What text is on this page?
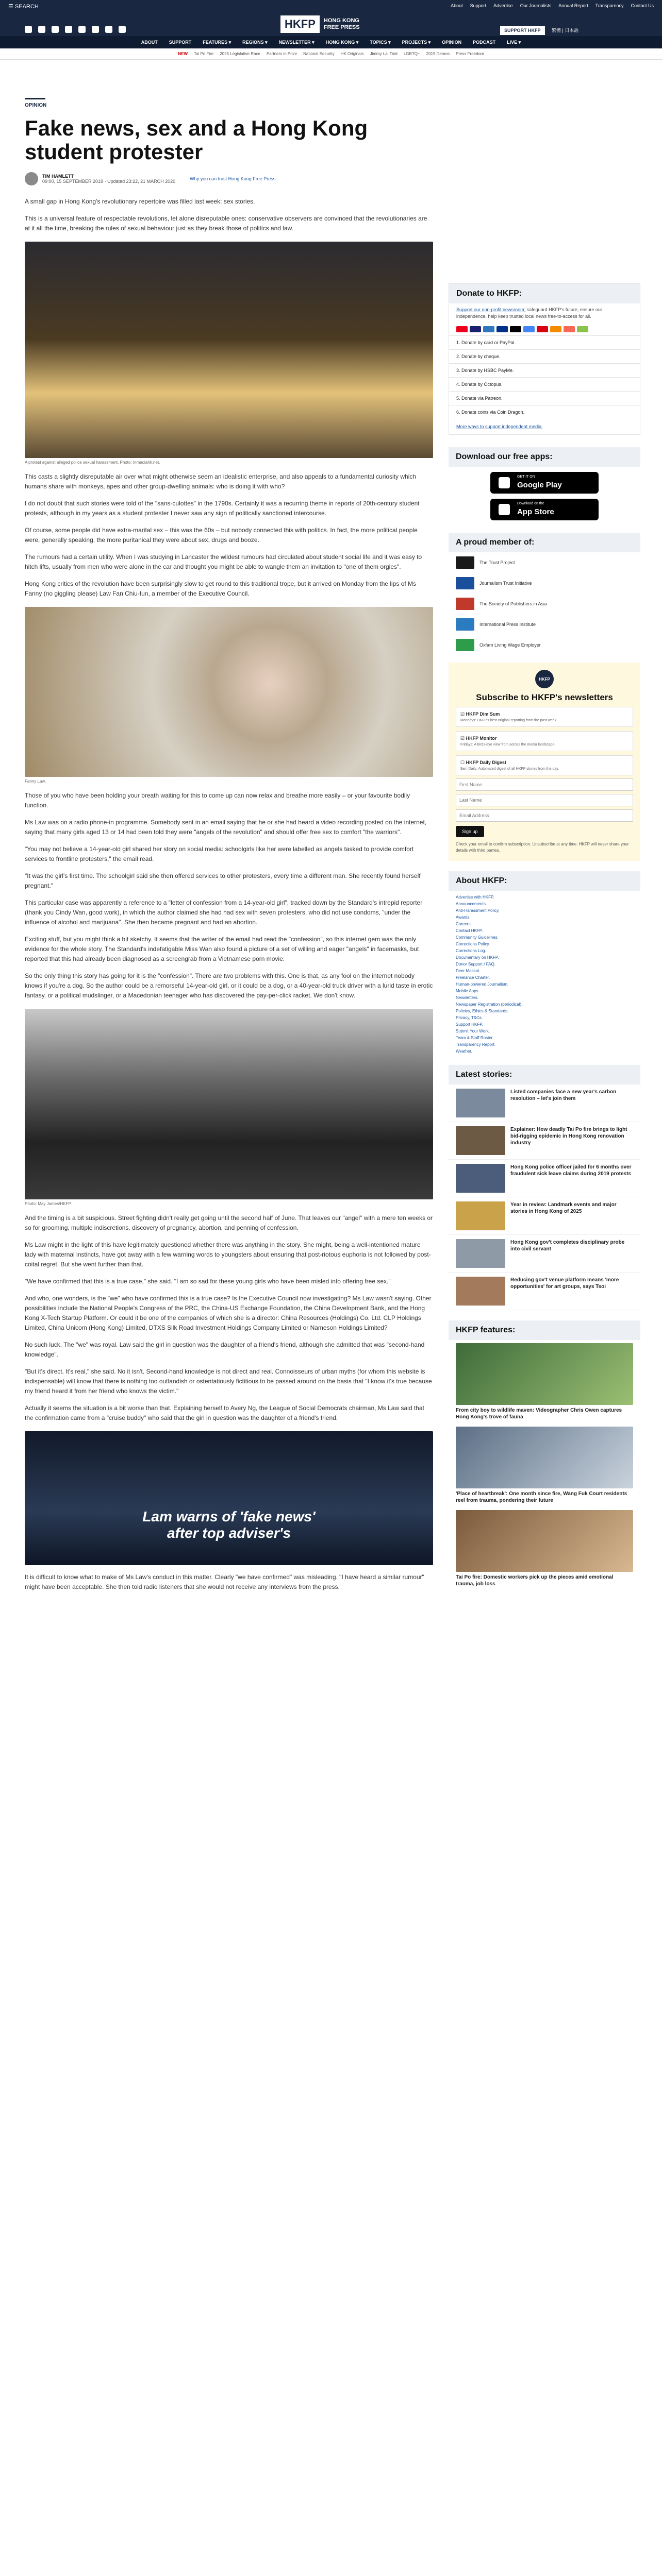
☰ SEARCH	About Support Advertise Our Journalists Annual Report Transparency Contact Us
HKFP	HONG KONG
FREE PRESS	SUPPORT HKFP	繁體 | 日本語
ABOUT SUPPORT FEATURES ▾ REGIONS ▾ NEWSLETTER ▾ HONG KONG ▾ TOPICS ▾ PROJECTS ▾ OPINION PODCAST LIVE ▾
NEW Tai Po Fire 2025 Legislative Race Partners in Prize National Security HK Originals Jimmy Lai Trial LGBTQ+ 2019 Demos Press Freedom
OPINION
Fake news, sex and a Hong Kong student protester
TIM HAMLETT
09:00, 15 SEPTEMBER 2019 · Updated 23:22, 21 MARCH 2020	Why you can trust Hong Kong Free Press

A small gap in Hong Kong's revolutionary repertoire was filled last week: sex stories.

This is a universal feature of respectable revolutions, let alone disreputable ones: conservative observers are convinced that the revolutionaries are at it all the time, breaking the rules of sexual behaviour just as they break those of politics and law.

A protest against alleged police sexual harassment. Photo: Inmediahk.net.

This casts a slightly disreputable air over what might otherwise seem an idealistic enterprise, and also appeals to a fundamental curiosity which humans share with monkeys, apes and other group-dwelling animals: who is doing it with who?

I do not doubt that such stories were told of the "sans-culottes" in the 1790s. Certainly it was a recurring theme in reports of 20th-century student protests, although in my years as a student protester I never saw any sign of politically sanctioned intercourse.

Of course, some people did have extra-marital sex – this was the 60s – but nobody connected this with politics. In fact, the more political people were, generally speaking, the more puritanical they were about sex, drugs and booze.

The rumours had a certain utility. When I was studying in Lancaster the wildest rumours had circulated about student social life and it was easy to hitch lifts, usually from men who were alone in the car and thought you might be able to wangle them an invitation to "one of them orgies".

Hong Kong critics of the revolution have been surprisingly slow to get round to this traditional trope, but it arrived on Monday from the lips of Ms Fanny (no giggling please) Law Fan Chiu-fun, a member of the Executive Council.

Fanny Law.

Those of you who have been holding your breath waiting for this to come up can now relax and breathe more easily – or your favourite bodily function.

Ms Law was on a radio phone-in programme. Somebody sent in an email saying that he or she had heard a video recording posted on the internet, saying that many girls aged 13 or 14 had been told they were "angels of the revolution" and should offer free sex to comfort "the warriors".

"You may not believe a 14-year-old girl shared her story on social media: schoolgirls like her were labelled as angels tasked to provide comfort services to frontline protesters," the email read.

"It was the girl's first time. The schoolgirl said she then offered services to other protesters, every time a different man. She recently found herself pregnant."

This particular case was apparently a reference to a "letter of confession from a 14-year-old girl", tracked down by the Standard's intrepid reporter (thank you Cindy Wan, good work), in which the author claimed she had had sex with seven protesters, who did not use condoms, "under the influence of alcohol and marijuana". She then became pregnant and had an abortion.

Exciting stuff, but you might think a bit sketchy. It seems that the writer of the email had read the "confession", so this internet gem was the only evidence for the whole story. The Standard's indefatigable Miss Wan also found a picture of a set of willing and eager "angels" in facemasks, but reported that this had already been diagnosed as a screengrab from a Vietnamese porn movie.

So the only thing this story has going for it is the "confession". There are two problems with this. One is that, as any fool on the internet nobody knows if you're a dog. So the author could be a remorseful 14-year-old girl, or it could be a dog, or a 40-year-old truck driver with a lurid taste in erotic fantasy, or a political mudslinger, or a Macedonian teenager who has discovered the pay-per-click racket. We don't know.

Photo: May James/HKFP.

And the timing is a bit suspicious. Street fighting didn't really get going until the second half of June. That leaves our "angel" with a mere ten weeks or so for grooming, multiple indiscretions, discovery of pregnancy, abortion, and penning of confession.

Ms Law might in the light of this have legitimately questioned whether there was anything in the story. She might, being a well-intentioned mature lady with maternal instincts, have got away with a few warning words to youngsters about ensuring that post-riotous euphoria is not followed by post-coital regret. But she went further than that.

"We have confirmed that this is a true case," she said. "I am so sad for these young girls who have been misled into offering free sex."

And who, one wonders, is the "we" who have confirmed this is a true case? Is the Executive Council now investigating? Ms Law wasn't saying. Other possibilities include the National People's Congress of the PRC, the China-US Exchange Foundation, the China Development Bank, and the Hong Kong X-Tech Startup Platform. Or could it be one of the companies of which she is a director: China Resources (Holdings) Co. Ltd. CLP Holdings Limited, China Unicom (Hong Kong) Limited, DTXS Silk Road Investment Holdings Company Limited or Nameson Holdings Limited?

No such luck. The "we" was royal. Law said the girl in question was the daughter of a friend's friend, although she admitted that was "second-hand knowledge".

"But it's direct. It's real," she said. No it isn't. Second-hand knowledge is not direct and real. Connoisseurs of urban myths (for whom this website is indispensable) will know that there is nothing too outlandish or ostentatiously fictitious to be passed around on the basis that "I know it's true because my friend heard it from her friend who knows the victim."

Actually it seems the situation is a bit worse than that. Explaining herself to Avery Ng, the League of Social Democrats chairman, Ms Law said that the confirmation came from a "cruise buddy" who said that the girl in question was the daughter of a friend's friend.

Lam warns of 'fake news'
after top adviser's

It is difficult to know what to make of Ms Law's conduct in this matter. Clearly "we have confirmed" was misleading. "I have heard a similar rumour" might have been acceptable. She then told radio listeners that she would not receive any interviews from the press.

Donate to HKFP:

Support our non-profit newsroom; safeguard HKFP's future, ensure our independence, help keep trusted local news free-to-access for all.

1. Donate by card or PayPal.
2. Donate by cheque.
3. Donate by HSBC PayMe.
4. Donate by Octopus.
5. Donate via Patreon.
6. Donate coins via Coin Dragon.
More ways to support independent media.
Download our free apps:
GET IT ON
Google Play
Download on the
App Store
A proud member of:
The Trust Project
Journalism Trust Initiative
The Society of Publishers in Asia
International Press Institute
Oxfam Living Wage Employer
HKFP
Subscribe to HKFP's newsletters
☑ HKFP Dim Sum
Mondays: HKFP's best original reporting from the past week.
☑ HKFP Monitor
Fridays: A birds-eye view from across the media landscape.
☐ HKFP Daily Digest
9am Daily: Automated digest of all HKFP stories from the day.
First Name Last Name Email Address Sign up
Check your email to confirm subscription. Unsubscribe at any time. HKFP will never share your details with third parties.
About HKFP:
Advertise with HKFP.
Announcements.
Anti-Harassment Policy.
Awards.
Careers.
Contact HKFP.
Community Guidelines.
Corrections Policy.
Corrections Log.
Documentary on HKFP.
Donor Support / FAQ.
Deer Mascot.
Freelance Charter.
Human-powered Journalism.
Mobile Apps.
Newsletters.
Newspaper Registration (periodical).
Policies, Ethics & Standards.
Privacy, T&Cs.
Support HKFP.
Submit Your Work.
Team & Staff Roster.
Transparency Report.
Weather.
Latest stories:
Listed companies face a new year's carbon resolution – let's join them
Explainer: How deadly Tai Po fire brings to light bid-rigging epidemic in Hong Kong renovation industry
Hong Kong police officer jailed for 6 months over fraudulent sick leave claims during 2019 protests
Year in review: Landmark events and major stories in Hong Kong of 2025
Hong Kong gov't completes disciplinary probe into civil servant
Reducing gov't venue platform means 'more opportunities' for art groups, says Tsoi
HKFP features:
From city boy to wildlife maven: Videographer Chris Owen captures Hong Kong's trove of fauna
'Place of heartbreak': One month since fire, Wang Fuk Court residents reel from trauma, pondering their future
Tai Po fire: Domestic workers pick up the pieces amid emotional trauma, job loss
